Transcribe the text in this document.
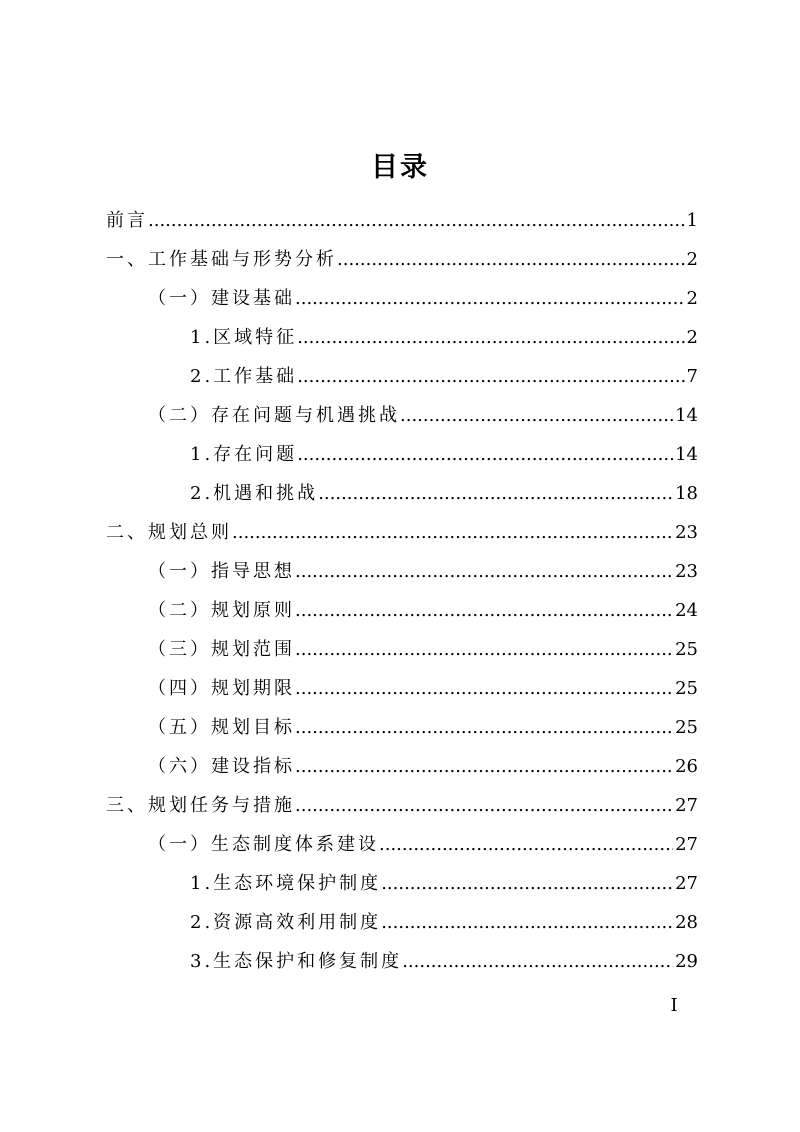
目录
前言 .....	1
一、工作基础与形势分析 .....	2
（一）建设基础 .....	2
1.区域特征 .....	2
2.工作基础 .....	7
（二）存在问题与机遇挑战 .....	14
1.存在问题 .....	14
2.机遇和挑战 .....	18
二、规划总则 .....	23
（一）指导思想 .....	23
（二）规划原则 .....	24
（三）规划范围 .....	25
（四）规划期限 .....	25
（五）规划目标 .....	25
（六）建设指标 .....	26
三、规划任务与措施 .....	27
（一）生态制度体系建设 .....	27
1.生态环境保护制度 .....	27
2.资源高效利用制度 .....	28
3.生态保护和修复制度 .....	29
I
